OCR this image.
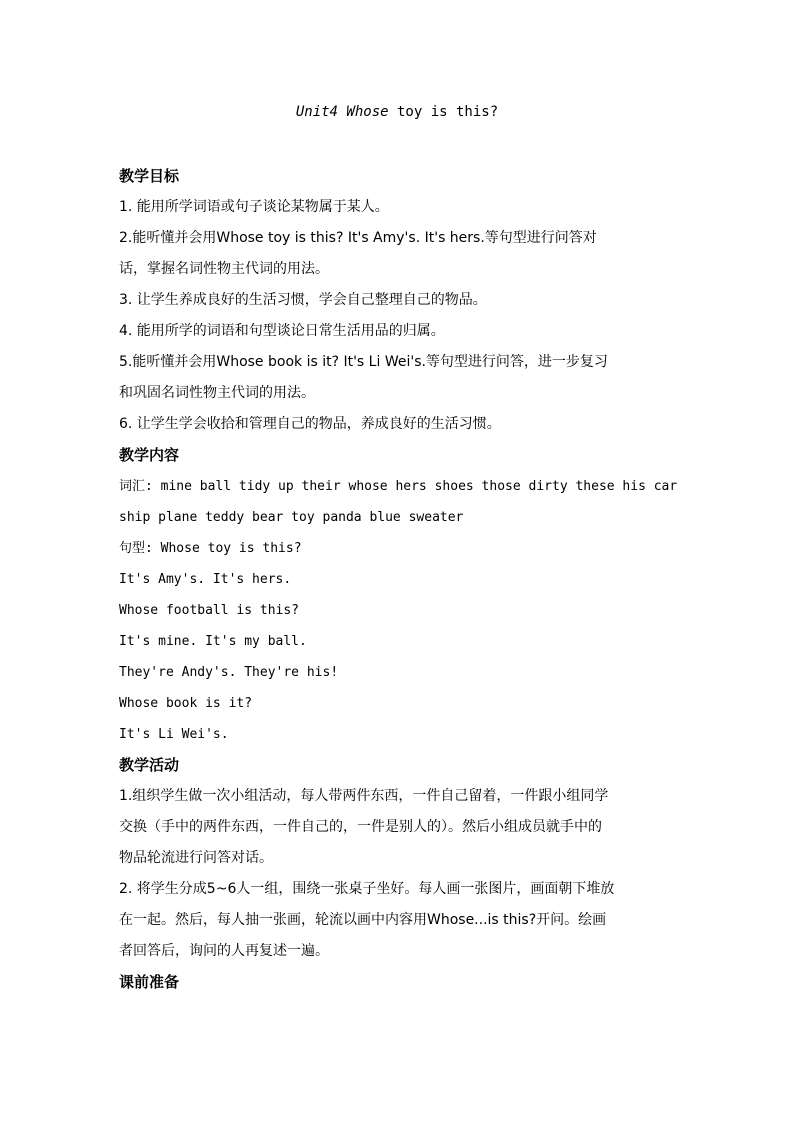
Unit4 Whose toy is this?
教学目标
1. 能用所学词语或句子谈论某物属于某人。
2.能听懂并会用Whose toy is this? It's Amy's. It's hers.等句型进行问答对
话，掌握名词性物主代词的用法。
3. 让学生养成良好的生活习惯，学会自己整理自己的物品。
4. 能用所学的词语和句型谈论日常生活用品的归属。
5.能听懂并会用Whose book is it? It's Li Wei's.等句型进行问答，进一步复习
和巩固名词性物主代词的用法。
6. 让学生学会收拾和管理自己的物品，养成良好的生活习惯。
教学内容
词汇: mine ball tidy up their whose hers shoes those dirty these his car
ship plane teddy bear toy panda blue sweater
句型: Whose toy is this?
It's Amy's. It's hers.
Whose football is this?
It's mine. It's my ball.
They're Andy's. They're his!
Whose book is it?
It's Li Wei's.
教学活动
1.组织学生做一次小组活动，每人带两件东西，一件自己留着，一件跟小组同学
交换（手中的两件东西，一件自己的，一件是别人的）。然后小组成员就手中的
物品轮流进行问答对话。
2. 将学生分成5~6人一组，围绕一张桌子坐好。每人画一张图片，画面朝下堆放
在一起。然后，每人抽一张画，轮流以画中内容用Whose...is this?开问。绘画
者回答后，询问的人再复述一遍。
课前准备
